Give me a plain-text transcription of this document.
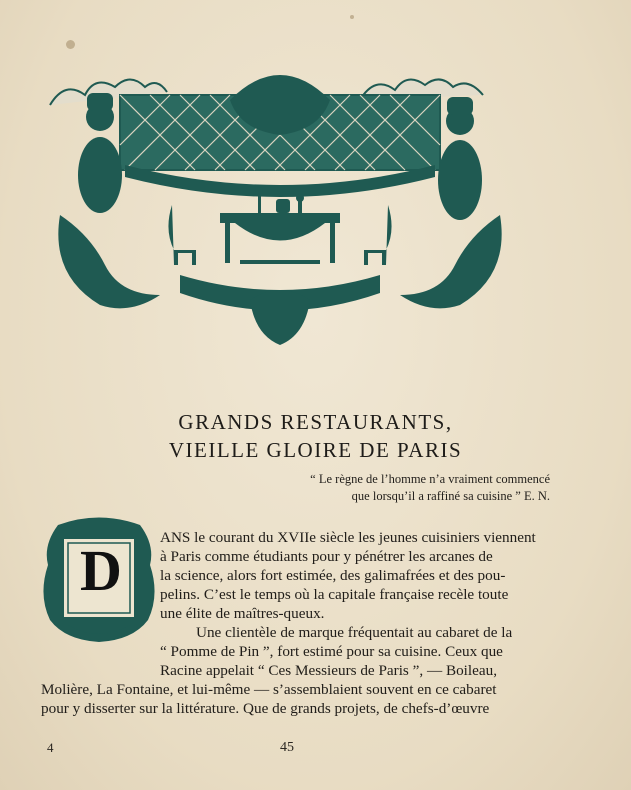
GRANDS RESTAURANTS,
VIEILLE GLOIRE DE PARIS
“ Le règne de l’homme n’a vraiment commencé
que lorsqu’il a raffiné sa cuisine ” E. N.
D
ANS le courant du XVIIe siècle les jeunes cuisiniers viennent
à Paris comme étudiants pour y pénétrer les arcanes de
la science, alors fort estimée, des galimafrées et des pou-
pelins. C’est le temps où la capitale française recèle toute
une élite de maîtres-queux.
Une clientèle de marque fréquentait au cabaret de la
“ Pomme de Pin ”, fort estimé pour sa cuisine. Ceux que
Racine appelait “ Ces Messieurs de Paris ”, — Boileau,
Molière, La Fontaine, et lui-même — s’assemblaient souvent en ce cabaret
pour y disserter sur la littérature. Que de grands projets, de chefs-d’œuvre
4	45
